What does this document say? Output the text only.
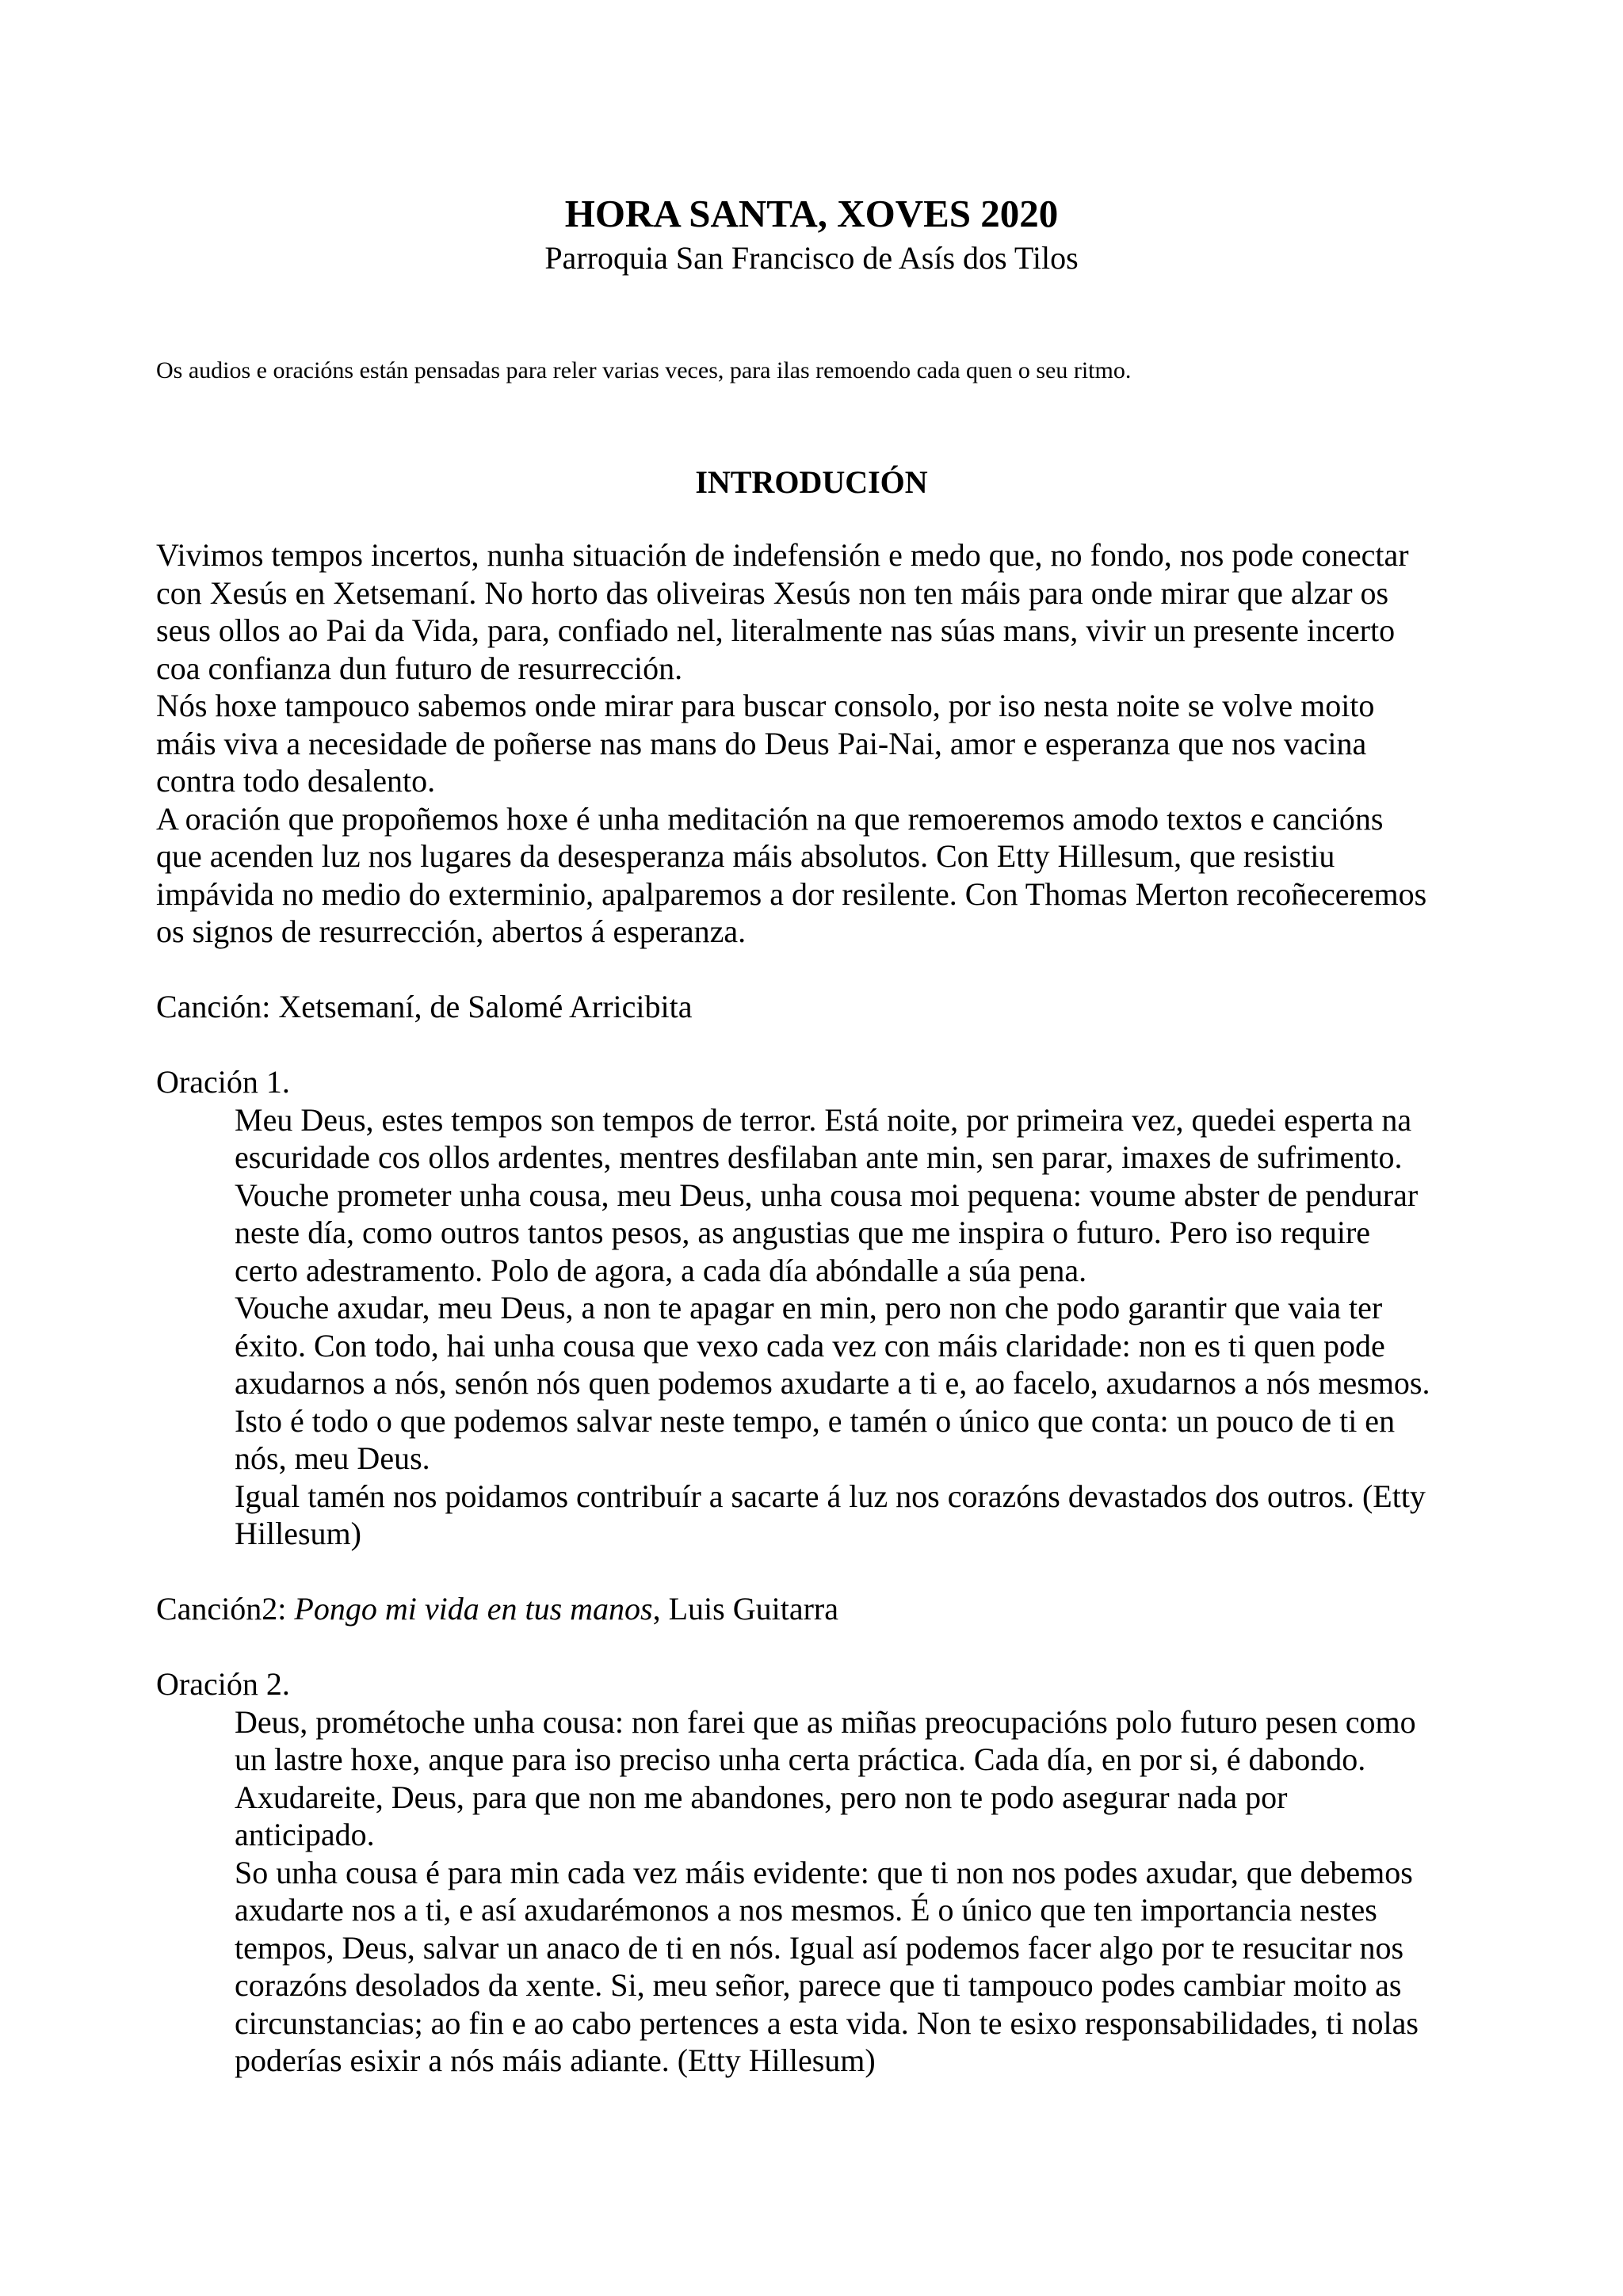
HORA SANTA, XOVES 2020
Parroquia San Francisco de Asís dos Tilos
Os audios e oracións están pensadas para reler varias veces, para ilas remoendo cada quen o seu ritmo.
INTRODUCIÓN
Vivimos tempos incertos, nunha situación de indefensión e medo que, no fondo, nos pode conectar
con Xesús en Xetsemaní. No horto das oliveiras Xesús non ten máis para onde mirar que alzar os
seus ollos ao Pai da Vida, para, confiado nel, literalmente nas súas mans, vivir un presente incerto
coa confianza dun futuro de resurrección.
Nós hoxe tampouco sabemos onde mirar para buscar consolo, por iso nesta noite se volve moito
máis viva a necesidade de poñerse nas mans do Deus Pai-Nai, amor e esperanza que nos vacina
contra todo desalento.
A oración que propoñemos hoxe é unha meditación na que remoeremos amodo textos e cancións
que acenden luz nos lugares da desesperanza máis absolutos. Con Etty Hillesum, que resistiu
impávida no medio do exterminio, apalparemos a dor resilente. Con Thomas Merton recoñeceremos
os signos de resurrección, abertos á esperanza.
Canción: Xetsemaní, de Salomé Arricibita
Oración 1.
Meu Deus, estes tempos son tempos de terror. Está noite, por primeira vez, quedei esperta na
escuridade cos ollos ardentes, mentres desfilaban ante min, sen parar, imaxes de sufrimento.
Vouche prometer unha cousa, meu Deus, unha cousa moi pequena: voume abster de pendurar
neste día, como outros tantos pesos, as angustias que me inspira o futuro. Pero iso require
certo adestramento. Polo de agora, a cada día abóndalle a súa pena.
Vouche axudar, meu Deus, a non te apagar en min, pero non che podo garantir que vaia ter
éxito. Con todo, hai unha cousa que vexo cada vez con máis claridade: non es ti quen pode
axudarnos a nós, senón nós quen podemos axudarte a ti e, ao facelo, axudarnos a nós mesmos.
Isto é todo o que podemos salvar neste tempo, e tamén o único que conta: un pouco de ti en
nós, meu Deus.
Igual tamén nos poidamos contribuír a sacarte á luz nos corazóns devastados dos outros. (Etty
Hillesum)
Canción2: Pongo mi vida en tus manos, Luis Guitarra
Oración 2.
Deus, prométoche unha cousa: non farei que as miñas preocupacións polo futuro pesen como
un lastre hoxe, anque para iso preciso unha certa práctica. Cada día, en por si, é dabondo.
Axudareite, Deus, para que non me abandones, pero non te podo asegurar nada por
anticipado.
So unha cousa é para min cada vez máis evidente: que ti non nos podes axudar, que debemos
axudarte nos a ti, e así axudarémonos a nos mesmos. É o único que ten importancia nestes
tempos, Deus, salvar un anaco de ti en nós. Igual así podemos facer algo por te resucitar nos
corazóns desolados da xente. Si, meu señor, parece que ti tampouco podes cambiar moito as
circunstancias; ao fin e ao cabo pertences a esta vida. Non te esixo responsabilidades, ti nolas
poderías esixir a nós máis adiante. (Etty Hillesum)
